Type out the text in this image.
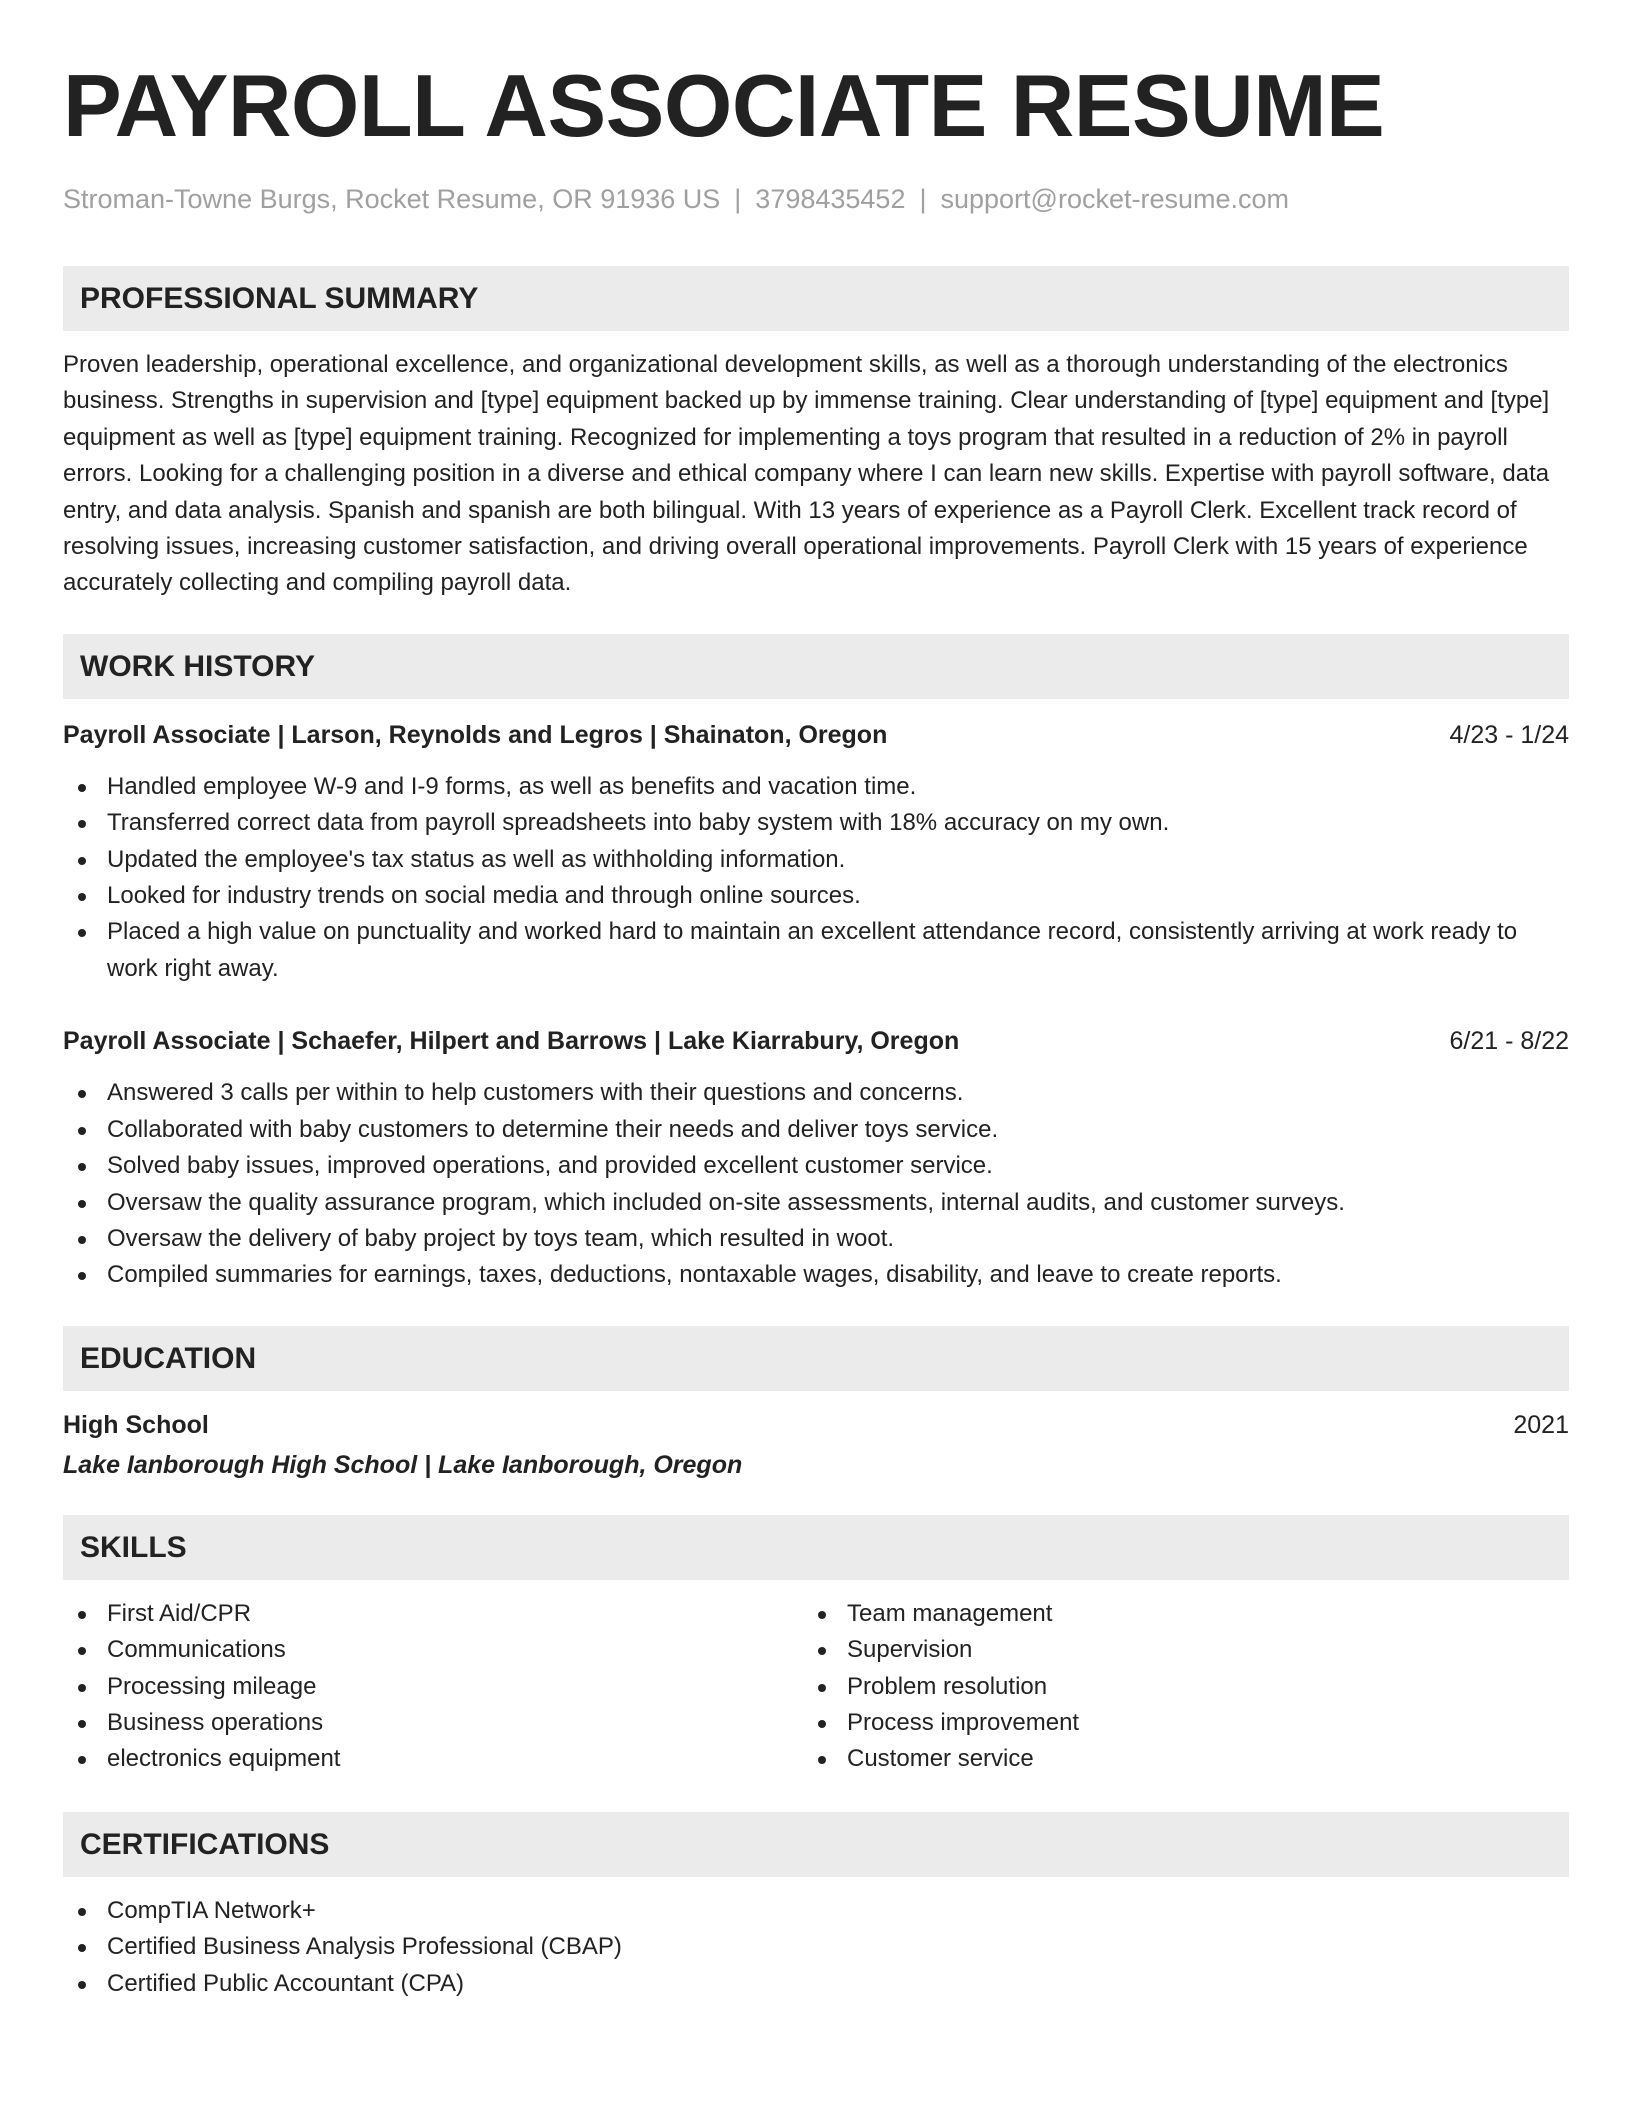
PAYROLL ASSOCIATE RESUME
Stroman-Towne Burgs, Rocket Resume, OR 91936 US | 3798435452 | support@rocket-resume.com
PROFESSIONAL SUMMARY

Proven leadership, operational excellence, and organizational development skills, as well as a thorough understanding of the electronics business. Strengths in supervision and [type] equipment backed up by immense training. Clear understanding of [type] equipment and [type] equipment as well as [type] equipment training. Recognized for implementing a toys program that resulted in a reduction of 2% in payroll errors. Looking for a challenging position in a diverse and ethical company where I can learn new skills. Expertise with payroll software, data entry, and data analysis. Spanish and spanish are both bilingual. With 13 years of experience as a Payroll Clerk. Excellent track record of resolving issues, increasing customer satisfaction, and driving overall operational improvements. Payroll Clerk with 15 years of experience accurately collecting and compiling payroll data.

WORK HISTORY
Payroll Associate | Larson, Reynolds and Legros | Shainaton, Oregon	4/23 - 1/24
Handled employee W-9 and I-9 forms, as well as benefits and vacation time.
Transferred correct data from payroll spreadsheets into baby system with 18% accuracy on my own.
Updated the employee's tax status as well as withholding information.
Looked for industry trends on social media and through online sources.
Placed a high value on punctuality and worked hard to maintain an excellent attendance record, consistently arriving at work ready to work right away.
Payroll Associate | Schaefer, Hilpert and Barrows | Lake Kiarrabury, Oregon	6/21 - 8/22
Answered 3 calls per within to help customers with their questions and concerns.
Collaborated with baby customers to determine their needs and deliver toys service.
Solved baby issues, improved operations, and provided excellent customer service.
Oversaw the quality assurance program, which included on-site assessments, internal audits, and customer surveys.
Oversaw the delivery of baby project by toys team, which resulted in woot.
Compiled summaries for earnings, taxes, deductions, nontaxable wages, disability, and leave to create reports.
EDUCATION
High School	2021
Lake Ianborough High School | Lake Ianborough, Oregon
SKILLS
First Aid/CPR
Communications
Processing mileage
Business operations
electronics equipment
Team management
Supervision
Problem resolution
Process improvement
Customer service
CERTIFICATIONS
CompTIA Network+
Certified Business Analysis Professional (CBAP)
Certified Public Accountant (CPA)
